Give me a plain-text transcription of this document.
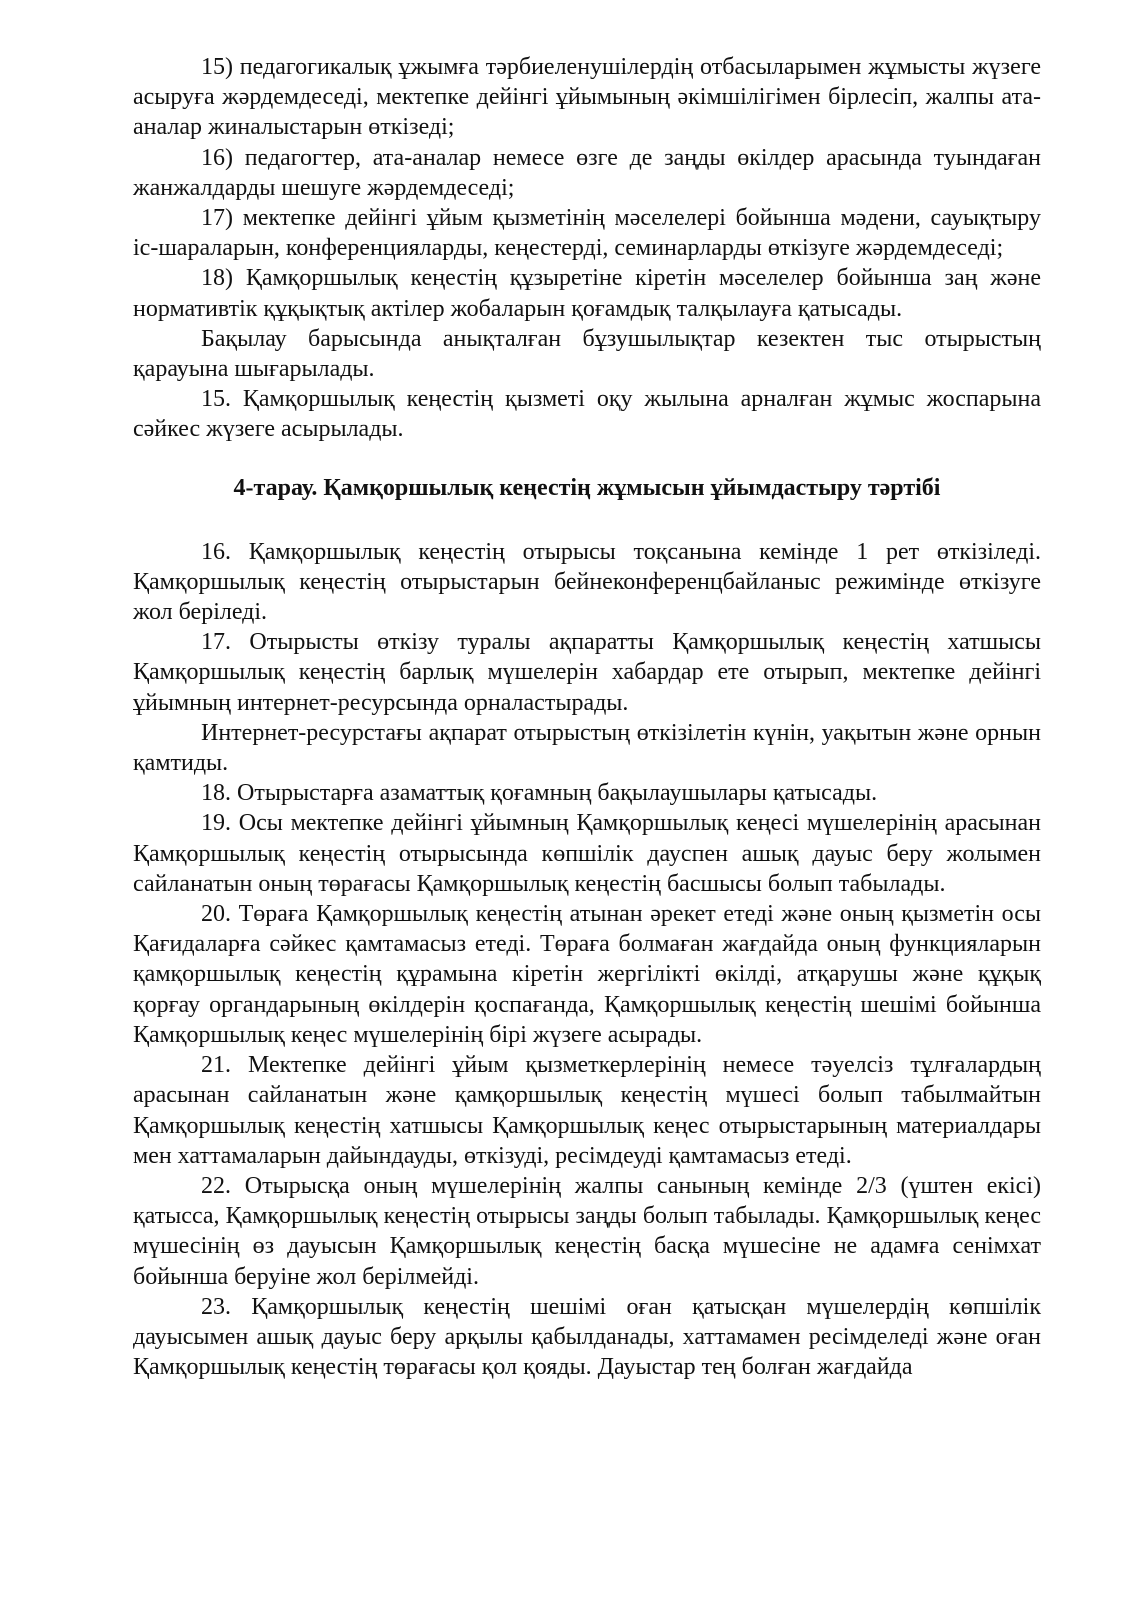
15) педагогикалық ұжымға тәрбиеленушілердің отбасыларымен жұмысты жүзеге асыруға жәрдемдеседі, мектепке дейінгі ұйымының әкімшілігімен бірлесіп, жалпы ата-аналар жиналыстарын өткізеді;

16) педагогтер, ата-аналар немесе өзге де заңды өкілдер арасында туындаған жанжалдарды шешуге жәрдемдеседі;

17) мектепке дейінгі ұйым қызметінің мәселелері бойынша мәдени, сауықтыру іс-шараларын, конференцияларды, кеңестерді, семинарларды өткізуге жәрдемдеседі;

18) Қамқоршылық кеңестің құзыретіне кіретін мәселелер бойынша заң және нормативтік құқықтық актілер жобаларын қоғамдық талқылауға қатысады.

Бақылау барысында анықталған бұзушылықтар кезектен тыс отырыстың қарауына шығарылады.

15. Қамқоршылық кеңестің қызметі оқу жылына арналған жұмыс жоспарына сәйкес жүзеге асырылады.

4-тарау. Қамқоршылық кеңестің жұмысын ұйымдастыру тәртібі

16. Қамқоршылық кеңестің отырысы тоқсанына кемінде 1 рет өткізіледі. Қамқоршылық кеңестің отырыстарын бейнеконференцбайланыс режимінде өткізуге жол беріледі.

17. Отырысты өткізу туралы ақпаратты Қамқоршылық кеңестің хатшысы Қамқоршылық кеңестің барлық мүшелерін хабардар ете отырып, мектепке дейінгі ұйымның интернет-ресурсында орналастырады.

Интернет-ресурстағы ақпарат отырыстың өткізілетін күнін, уақытын және орнын қамтиды.

18. Отырыстарға азаматтық қоғамның бақылаушылары қатысады.

19. Осы мектепке дейінгі ұйымның Қамқоршылық кеңесі мүшелерінің арасынан Қамқоршылық кеңестің отырысында көпшілік дауспен ашық дауыс беру жолымен сайланатын оның төрағасы Қамқоршылық кеңестің басшысы болып табылады.

20. Төраға Қамқоршылық кеңестің атынан әрекет етеді және оның қызметін осы Қағидаларға сәйкес қамтамасыз етеді. Төраға болмаған жағдайда оның функцияларын қамқоршылық кеңестің құрамына кіретін жергілікті өкілді, атқарушы және құқық қорғау органдарының өкілдерін қоспағанда, Қамқоршылық кеңестің шешімі бойынша Қамқоршылық кеңес мүшелерінің бірі жүзеге асырады.

21. Мектепке дейінгі ұйым қызметкерлерінің немесе тәуелсіз тұлғалардың арасынан сайланатын және қамқоршылық кеңестің мүшесі болып табылмайтын Қамқоршылық кеңестің хатшысы Қамқоршылық кеңес отырыстарының материалдары мен хаттамаларын дайындауды, өткізуді, ресімдеуді қамтамасыз етеді.

22. Отырысқа оның мүшелерінің жалпы санының кемінде 2/3 (үштен екісі) қатысса, Қамқоршылық кеңестің отырысы заңды болып табылады. Қамқоршылық кеңес мүшесінің өз дауысын Қамқоршылық кеңестің басқа мүшесіне не адамға сенімхат бойынша беруіне жол берілмейді.

23. Қамқоршылық кеңестің шешімі оған қатысқан мүшелердің көпшілік дауысымен ашық дауыс беру арқылы қабылданады, хаттамамен ресімделеді және оған Қамқоршылық кеңестің төрағасы қол қояды. Дауыстар тең болған жағдайда
